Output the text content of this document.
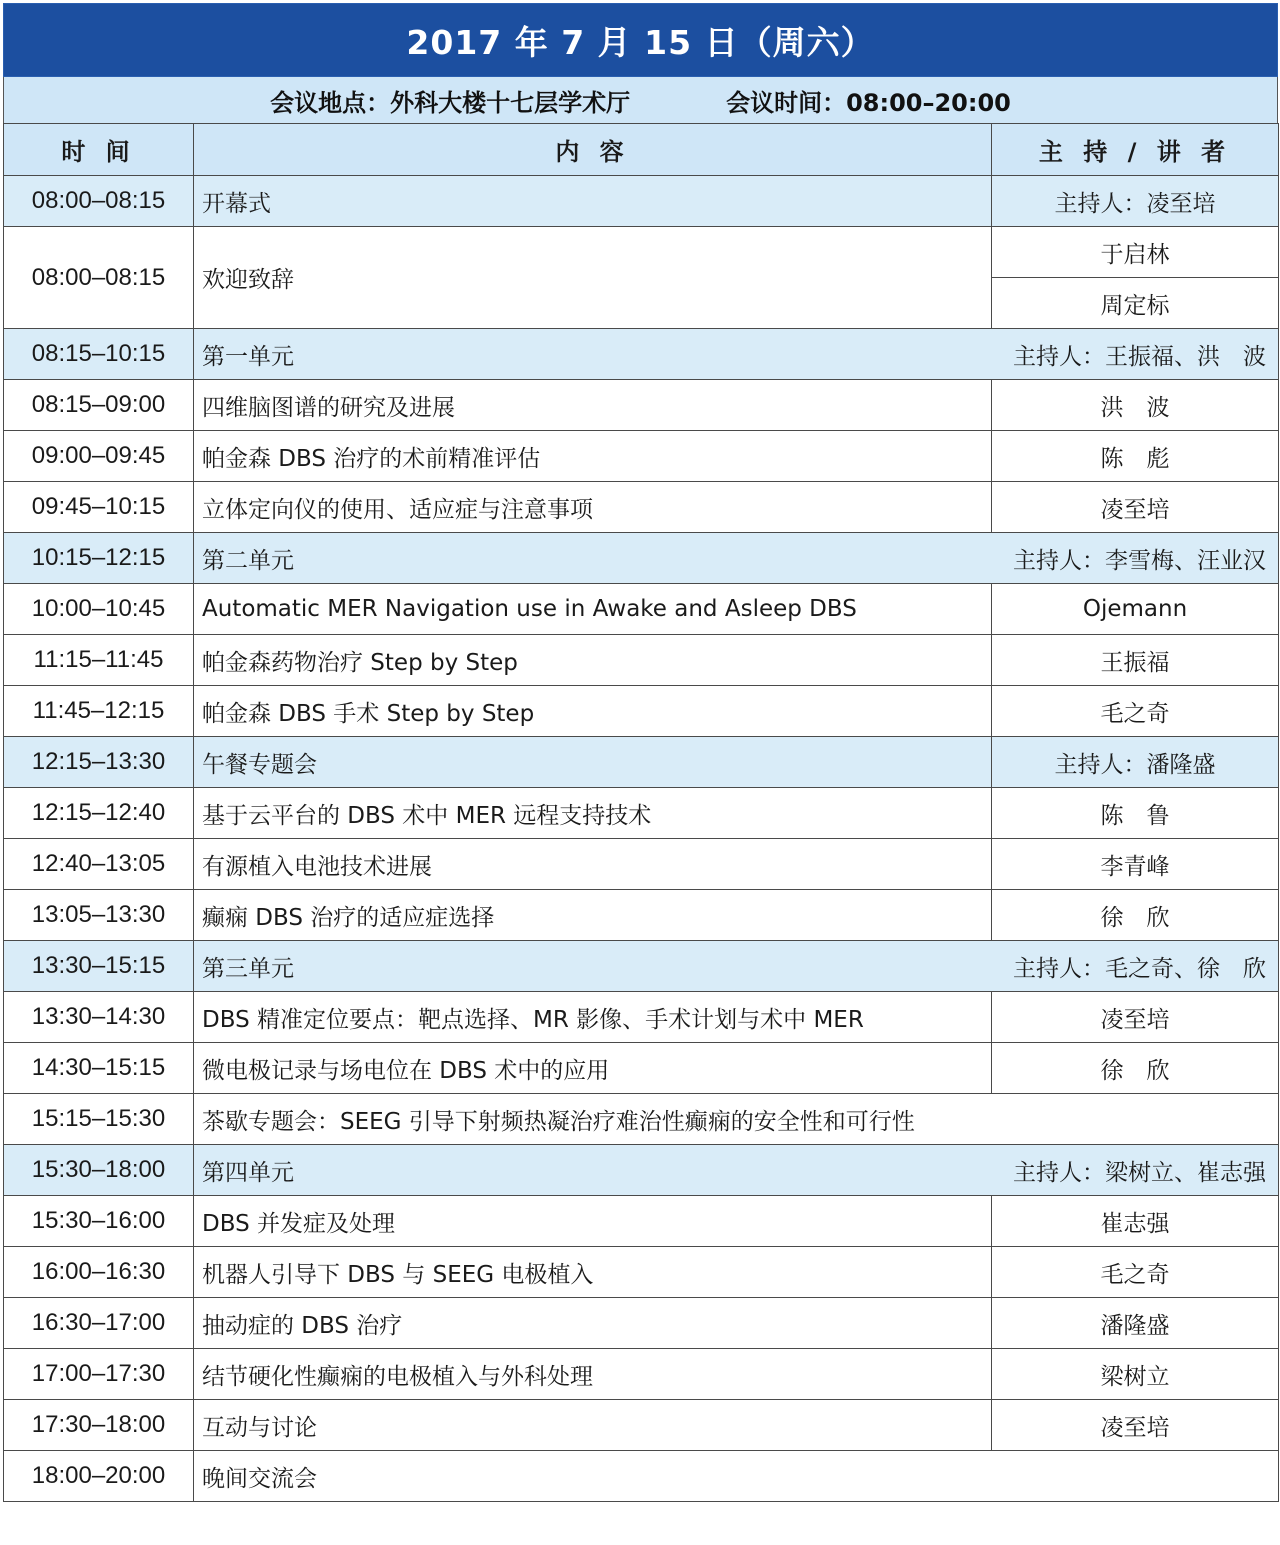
2017 年 7 月 15 日（周六）
会议地点：外科大楼十七层学术厅	会议时间：08:00–20:00
时 间	内 容	主 持 / 讲 者
08:00–08:15	开幕式	主持人：凌至培
08:00–08:15	欢迎致辞	于启林
		周定标
08:15–10:15	第一单元	主持人：王振福、洪　波
08:15–09:00	四维脑图谱的研究及进展	洪　波
09:00–09:45	帕金森 DBS 治疗的术前精准评估	陈　彪
09:45–10:15	立体定向仪的使用、适应症与注意事项	凌至培
10:15–12:15	第二单元	主持人：李雪梅、汪业汉
10:00–10:45	Automatic MER Navigation use in Awake and Asleep DBS	Ojemann
11:15–11:45	帕金森药物治疗 Step by Step	王振福
11:45–12:15	帕金森 DBS 手术 Step by Step	毛之奇
12:15–13:30	午餐专题会	主持人：潘隆盛
12:15–12:40	基于云平台的 DBS 术中 MER 远程支持技术	陈　鲁
12:40–13:05	有源植入电池技术进展	李青峰
13:05–13:30	癫痫 DBS 治疗的适应症选择	徐　欣
13:30–15:15	第三单元	主持人：毛之奇、徐　欣
13:30–14:30	DBS 精准定位要点：靶点选择、MR 影像、手术计划与术中 MER	凌至培
14:30–15:15	微电极记录与场电位在 DBS 术中的应用	徐　欣
15:15–15:30	茶歇专题会：SEEG 引导下射频热凝治疗难治性癫痫的安全性和可行性	
15:30–18:00	第四单元	主持人：梁树立、崔志强
15:30–16:00	DBS 并发症及处理	崔志强
16:00–16:30	机器人引导下 DBS 与 SEEG 电极植入	毛之奇
16:30–17:00	抽动症的 DBS 治疗	潘隆盛
17:00–17:30	结节硬化性癫痫的电极植入与外科处理	梁树立
17:30–18:00	互动与讨论	凌至培
18:00–20:00	晚间交流会	
